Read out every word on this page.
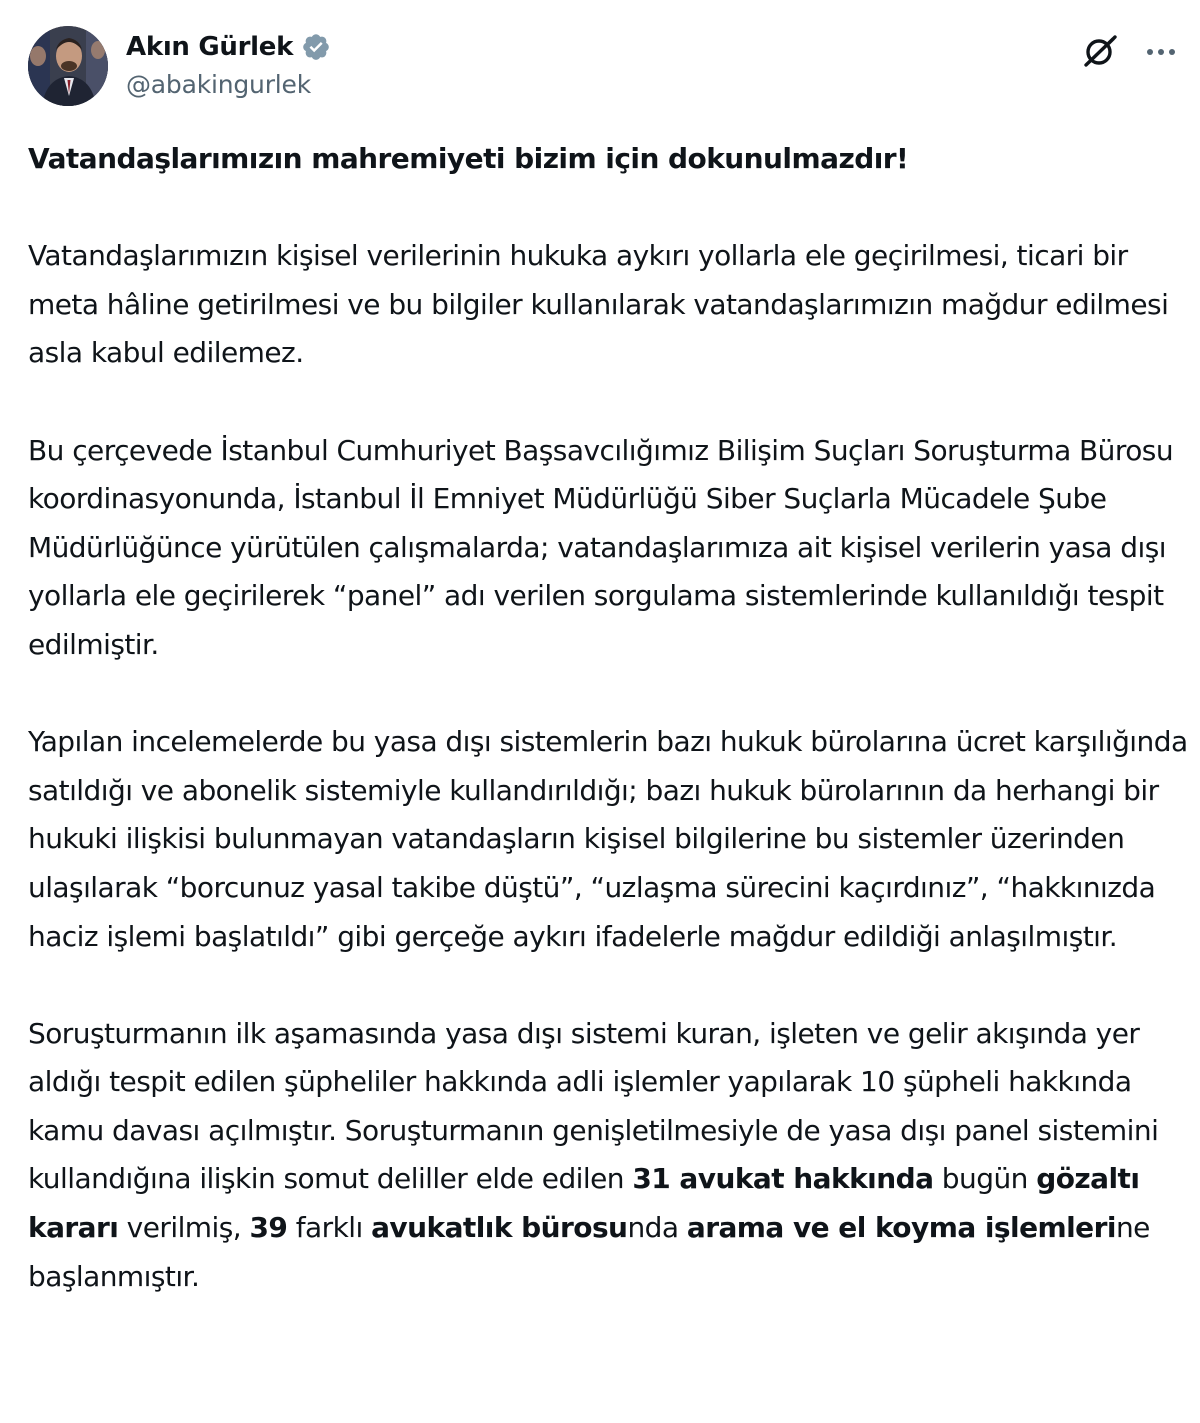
Akın Gürlek
@abakingurlek

Vatandaşlarımızın mahremiyeti bizim için dokunulmazdır!

Vatandaşlarımızın kişisel verilerinin hukuka aykırı yollarla ele geçirilmesi, ticari bir meta hâline getirilmesi ve bu bilgiler kullanılarak vatandaşlarımızın mağdur edilmesi asla kabul edilemez.

Bu çerçevede İstanbul Cumhuriyet Başsavcılığımız Bilişim Suçları Soruşturma Bürosu koordinasyonunda, İstanbul İl Emniyet Müdürlüğü Siber Suçlarla Mücadele Şube Müdürlüğünce yürütülen çalışmalarda; vatandaşlarımıza ait kişisel verilerin yasa dışı yollarla ele geçirilerek “panel” adı verilen sorgulama sistemlerinde kullanıldığı tespit edilmiştir.

Yapılan incelemelerde bu yasa dışı sistemlerin bazı hukuk bürolarına ücret karşılığında satıldığı ve abonelik sistemiyle kullandırıldığı; bazı hukuk bürolarının da herhangi bir hukuki ilişkisi bulunmayan vatandaşların kişisel bilgilerine bu sistemler üzerinden ulaşılarak “borcunuz yasal takibe düştü”, “uzlaşma sürecini kaçırdınız”, “hakkınızda haciz işlemi başlatıldı” gibi gerçeğe aykırı ifadelerle mağdur edildiği anlaşılmıştır.

Soruşturmanın ilk aşamasında yasa dışı sistemi kuran, işleten ve gelir akışında yer aldığı tespit edilen şüpheliler hakkında adli işlemler yapılarak 10 şüpheli hakkında kamu davası açılmıştır. Soruşturmanın genişletilmesiyle de yasa dışı panel sistemini kullandığına ilişkin somut deliller elde edilen 31 avukat hakkında bugün gözaltı kararı verilmiş, 39 farklı avukatlık bürosunda arama ve el koyma işlemlerine başlanmıştır.
